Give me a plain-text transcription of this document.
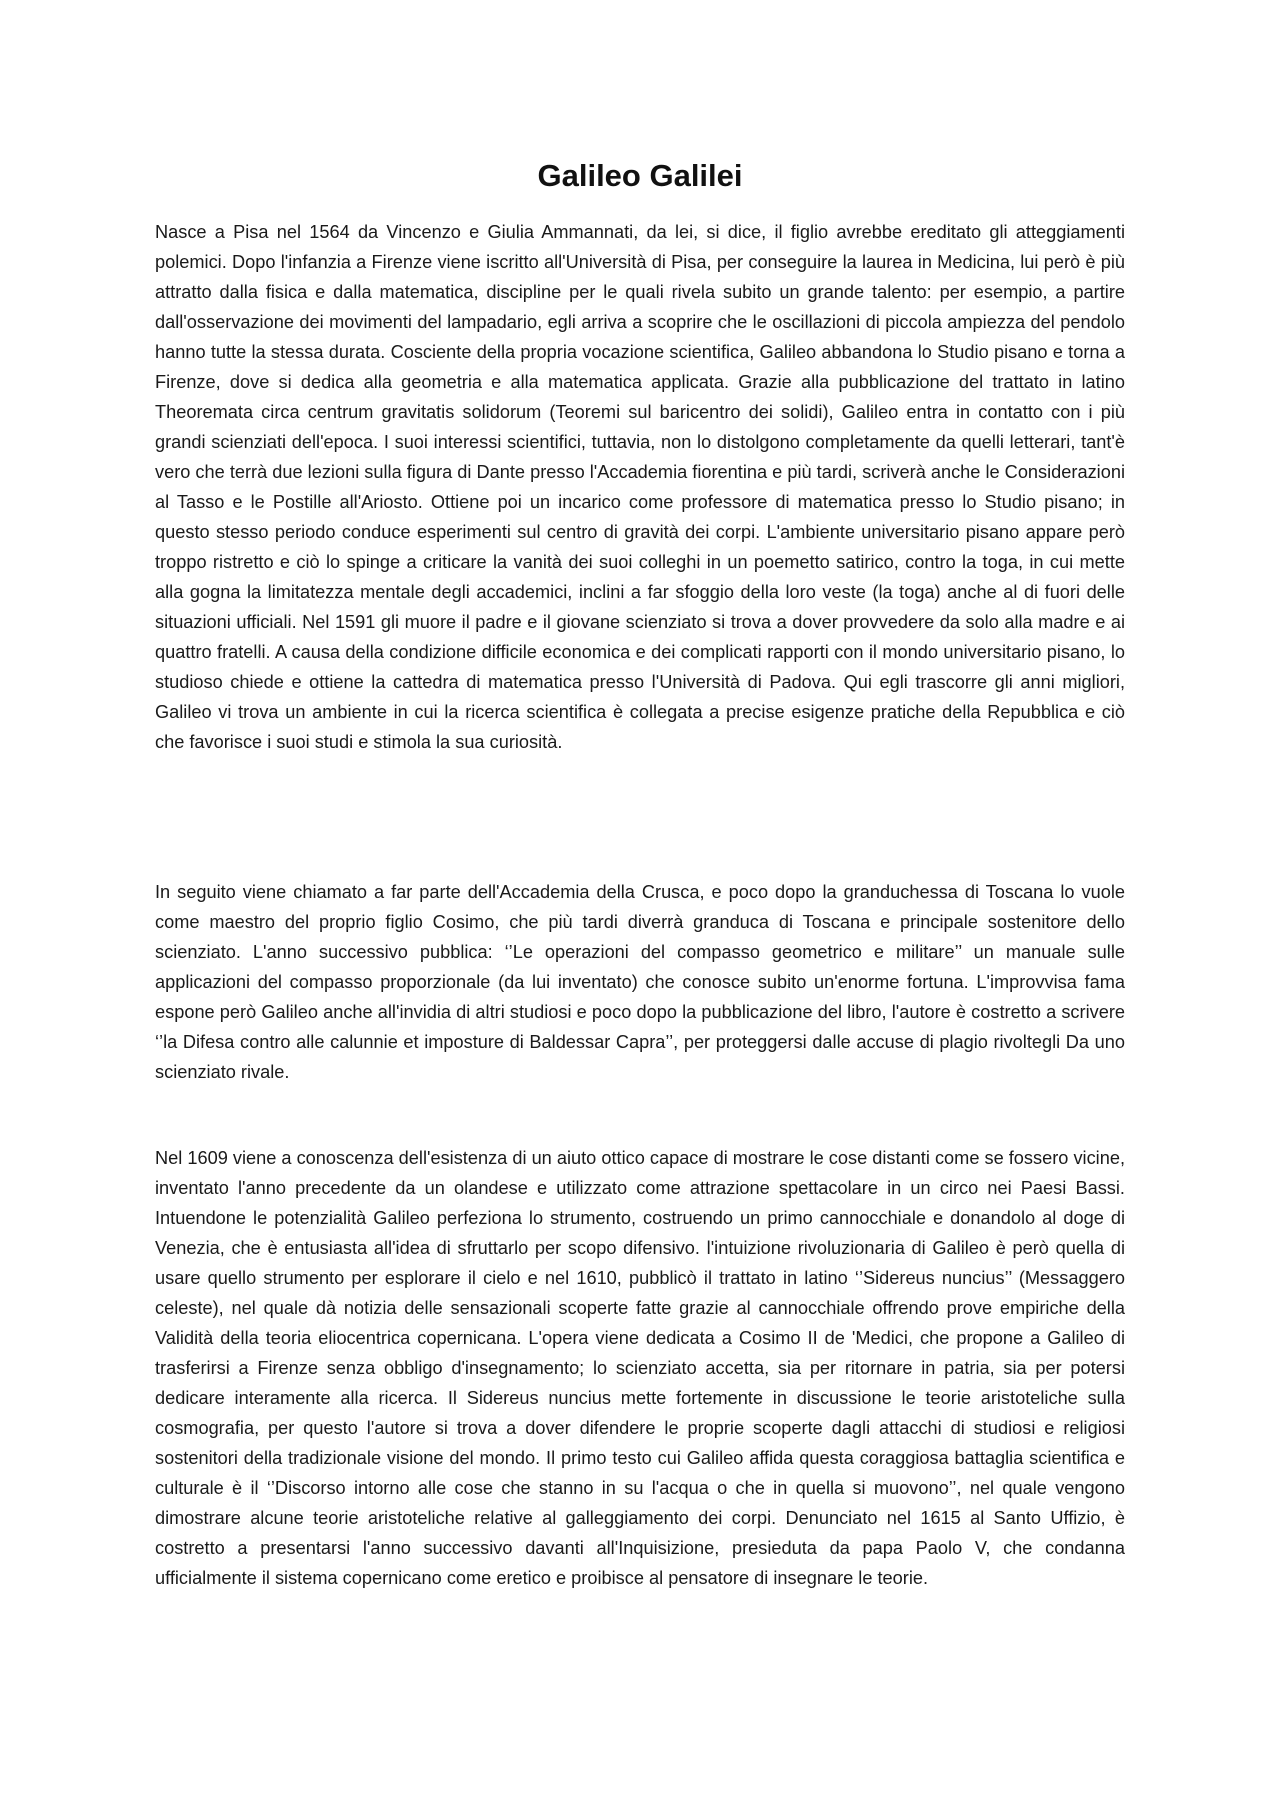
Galileo Galilei

Nasce a Pisa nel 1564 da Vincenzo e Giulia Ammannati, da lei, si dice, il figlio avrebbe ereditato gli atteggiamenti polemici. Dopo l'infanzia a Firenze viene iscritto all'Università di Pisa, per conseguire la laurea in Medicina, lui però è più attratto dalla fisica e dalla matematica, discipline per le quali rivela subito un grande talento: per esempio, a partire dall'osservazione dei movimenti del lampadario, egli arriva a scoprire che le oscillazioni di piccola ampiezza del pendolo hanno tutte la stessa durata. Cosciente della propria vocazione scientifica, Galileo abbandona lo Studio pisano e torna a Firenze, dove si dedica alla geometria e alla matematica applicata. Grazie alla pubblicazione del trattato in latino Theoremata circa centrum gravitatis solidorum (Teoremi sul baricentro dei solidi), Galileo entra in contatto con i più grandi scienziati dell'epoca. I suoi interessi scientifici, tuttavia, non lo distolgono completamente da quelli letterari, tant'è vero che terrà due lezioni sulla figura di Dante presso l'Accademia fiorentina e più tardi, scriverà anche le Considerazioni al Tasso e le Postille all'Ariosto. Ottiene poi un incarico come professore di matematica presso lo Studio pisano; in questo stesso periodo conduce esperimenti sul centro di gravità dei corpi. L'ambiente universitario pisano appare però troppo ristretto e ciò lo spinge a criticare la vanità dei suoi colleghi in un poemetto satirico, contro la toga, in cui mette alla gogna la limitatezza mentale degli accademici, inclini a far sfoggio della loro veste (la toga) anche al di fuori delle situazioni ufficiali. Nel 1591 gli muore il padre e il giovane scienziato si trova a dover provvedere da solo alla madre e ai quattro fratelli. A causa della condizione difficile economica e dei complicati rapporti con il mondo universitario pisano, lo studioso chiede e ottiene la cattedra di matematica presso l'Università di Padova. Qui egli trascorre gli anni migliori, Galileo vi trova un ambiente in cui la ricerca scientifica è collegata a precise esigenze pratiche della Repubblica e ciò che favorisce i suoi studi e stimola la sua curiosità.

In seguito viene chiamato a far parte dell'Accademia della Crusca, e poco dopo la granduchessa di Toscana lo vuole come maestro del proprio figlio Cosimo, che più tardi diverrà granduca di Toscana e principale sostenitore dello scienziato. L'anno successivo pubblica: ‘’Le operazioni del compasso geometrico e militare’’ un manuale sulle applicazioni del compasso proporzionale (da lui inventato) che conosce subito un'enorme fortuna. L'improvvisa fama espone però Galileo anche all'invidia di altri studiosi e poco dopo la pubblicazione del libro, l'autore è costretto a scrivere ‘’la Difesa contro alle calunnie et imposture di Baldessar Capra’’, per proteggersi dalle accuse di plagio rivoltegli Da uno scienziato rivale.

Nel 1609 viene a conoscenza dell'esistenza di un aiuto ottico capace di mostrare le cose distanti come se fossero vicine, inventato l'anno precedente da un olandese e utilizzato come attrazione spettacolare in un circo nei Paesi Bassi. Intuendone le potenzialità Galileo perfeziona lo strumento, costruendo un primo cannocchiale e donandolo al doge di Venezia, che è entusiasta all'idea di sfruttarlo per scopo difensivo. l'intuizione rivoluzionaria di Galileo è però quella di usare quello strumento per esplorare il cielo e nel 1610, pubblicò il trattato in latino ‘’Sidereus nuncius’’ (Messaggero celeste), nel quale dà notizia delle sensazionali scoperte fatte grazie al cannocchiale offrendo prove empiriche della Validità della teoria eliocentrica copernicana. L'opera viene dedicata a Cosimo II de 'Medici, che propone a Galileo di trasferirsi a Firenze senza obbligo d'insegnamento; lo scienziato accetta, sia per ritornare in patria, sia per potersi dedicare interamente alla ricerca. Il Sidereus nuncius mette fortemente in discussione le teorie aristoteliche sulla cosmografia, per questo l'autore si trova a dover difendere le proprie scoperte dagli attacchi di studiosi e religiosi sostenitori della tradizionale visione del mondo. Il primo testo cui Galileo affida questa coraggiosa battaglia scientifica e culturale è il ‘’Discorso intorno alle cose che stanno in su l'acqua o che in quella si muovono’’, nel quale vengono dimostrare alcune teorie aristoteliche relative al galleggiamento dei corpi. Denunciato nel 1615 al Santo Uffizio, è costretto a presentarsi l'anno successivo davanti all'Inquisizione, presieduta da papa Paolo V, che condanna ufficialmente il sistema copernicano come eretico e proibisce al pensatore di insegnare le teorie.
